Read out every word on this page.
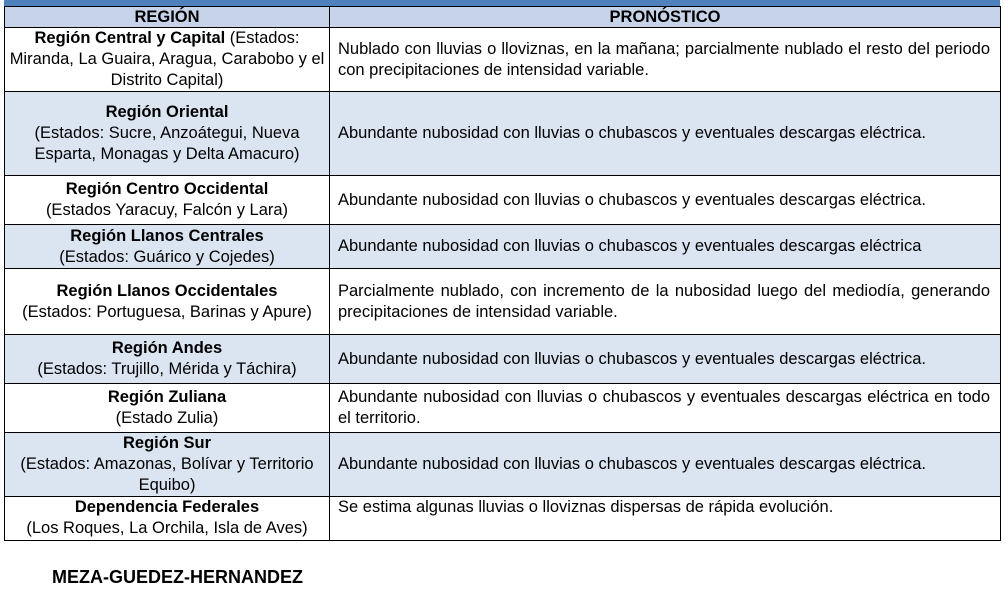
REGIÓN	PRONÓSTICO
Región Central y Capital (Estados: Miranda, La Guaira, Aragua, Carabobo y el Distrito Capital)	Nublado con lluvias o lloviznas, en la mañana; parcialmente nublado el resto del periodo con precipitaciones de intensidad variable.

Región Oriental
(Estados: Sucre, Anzoátegui, Nueva Esparta, Monagas y Delta Amacuro)	Abundante nubosidad con lluvias o chubascos y eventuales descargas eléctrica.

Región Centro Occidental
(Estados Yaracuy, Falcón y Lara)	Abundante nubosidad con lluvias o chubascos y eventuales descargas eléctrica.

Región Llanos Centrales
(Estados: Guárico y Cojedes)	Abundante nubosidad con lluvias o chubascos y eventuales descargas eléctrica

Región Llanos Occidentales
(Estados: Portuguesa, Barinas y Apure)	Parcialmente nublado, con incremento de la nubosidad luego del mediodía, generando precipitaciones de intensidad variable.

Región Andes
(Estados: Trujillo, Mérida y Táchira)	Abundante nubosidad con lluvias o chubascos y eventuales descargas eléctrica.

Región Zuliana
(Estado Zulia)	Abundante nubosidad con lluvias o chubascos y eventuales descargas eléctrica en todo el territorio.

Región Sur
(Estados: Amazonas, Bolívar y Territorio Equibo)	Abundante nubosidad con lluvias o chubascos y eventuales descargas eléctrica.

Dependencia Federales
(Los Roques, La Orchila, Isla de Aves)	Se estima algunas lluvias o lloviznas dispersas de rápida evolución.
MEZA-GUEDEZ-HERNANDEZ
